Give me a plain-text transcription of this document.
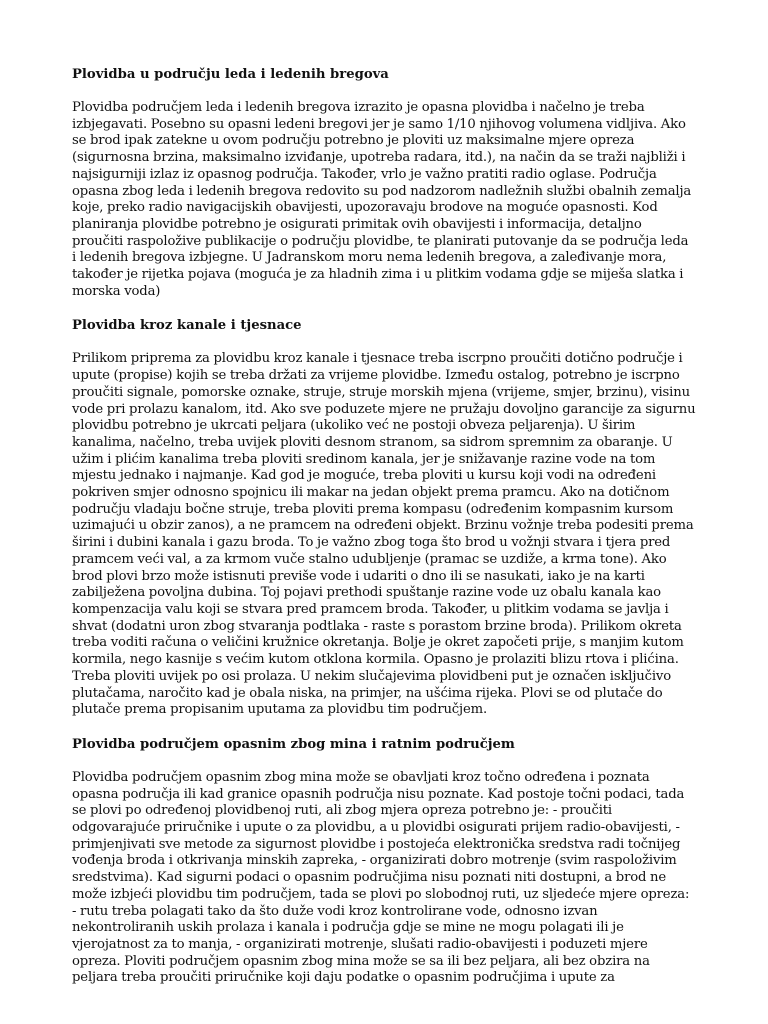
Plovidba u području leda i ledenih bregova
Plovidba područjem leda i ledenih bregova izrazito je opasna plovidba i načelno je treba izbjegavati. Posebno su opasni ledeni bregovi jer je samo 1/10 njihovog volumena vidljiva. Ako se brod ipak zatekne u ovom području potrebno je ploviti uz maksimalne mjere opreza (sigurnosna brzina, maksimalno izviđanje, upotreba radara, itd.), na način da se traži najbliži i najsigurniji izlaz iz opasnog područja. Također, vrlo je važno pratiti radio oglase. Područja opasna zbog leda i ledenih bregova redovito su pod nadzorom nadležnih službi obalnih zemalja koje, preko radio navigacijskih obavijesti, upozoravaju brodove na moguće opasnosti. Kod planiranja plovidbe potrebno je osigurati primitak ovih obavijesti i informacija, detaljno proučiti raspoložive publikacije o području plovidbe, te planirati putovanje da se područja leda i ledenih bregova izbjegne. U Jadranskom moru nema ledenih bregova, a zaleđivanje mora, također je rijetka pojava (moguća je za hladnih zima i u plitkim vodama gdje se miješa slatka i morska voda)
Plovidba kroz kanale i tjesnace
Prilikom priprema za plovidbu kroz kanale i tjesnace treba iscrpno proučiti dotično područje i upute (propise) kojih se treba držati za vrijeme plovidbe. Između ostalog, potrebno je iscrpno proučiti signale, pomorske oznake, struje, struje morskih mjena (vrijeme, smjer, brzinu), visinu vode pri prolazu kanalom, itd. Ako sve poduzete mjere ne pružaju dovoljno garancije za sigurnu plovidbu potrebno je ukrcati peljara (ukoliko već ne postoji obveza peljarenja). U širim kanalima, načelno, treba uvijek ploviti desnom stranom, sa sidrom spremnim za obaranje. U užim i plićim kanalima treba ploviti sredinom kanala, jer je snižavanje razine vode na tom mjestu jednako i najmanje. Kad god je moguće, treba ploviti u kursu koji vodi na određeni pokriven smjer odnosno spojnicu ili makar na jedan objekt prema pramcu. Ako na dotičnom području vladaju bočne struje, treba ploviti prema kompasu (određenim kompasnim kursom uzimajući u obzir zanos), a ne pramcem na određeni objekt. Brzinu vožnje treba podesiti prema širini i dubini kanala i gazu broda. To je važno zbog toga što brod u vožnji stvara i tjera pred pramcem veći val, a za krmom vuče stalno udubljenje (pramac se uzdiže, a krma tone). Ako brod plovi brzo može istisnuti previše vode i udariti o dno ili se nasukati, iako je na karti zabilježena povoljna dubina. Toj pojavi prethodi spuštanje razine vode uz obalu kanala kao kompenzacija valu koji se stvara pred pramcem broda. Također, u plitkim vodama se javlja i shvat (dodatni uron zbog stvaranja podtlaka - raste s porastom brzine broda). Prilikom okreta treba voditi računa o veličini kružnice okretanja. Bolje je okret započeti prije, s manjim kutom kormila, nego kasnije s većim kutom otklona kormila. Opasno je prolaziti blizu rtova i plićina. Treba ploviti uvijek po osi prolaza. U nekim slučajevima plovidbeni put je označen isključivo plutačama, naročito kad je obala niska, na primjer, na ušćima rijeka. Plovi se od plutače do plutače prema propisanim uputama za plovidbu tim područjem.
Plovidba područjem opasnim zbog mina i ratnim područjem
Plovidba područjem opasnim zbog mina može se obavljati kroz točno određena i poznata opasna područja ili kad granice opasnih područja nisu poznate. Kad postoje točni podaci, tada se plovi po određenoj plovidbenoj ruti, ali zbog mjera opreza potrebno je: - proučiti odgovarajuće priručnike i upute o za plovidbu, a u plovidbi osigurati prijem radio-obavijesti, - primjenjivati sve metode za sigurnost plovidbe i postojeća elektronička sredstva radi točnijeg vođenja broda i otkrivanja minskih zapreka, - organizirati dobro motrenje (svim raspoloživim sredstvima). Kad sigurni podaci o opasnim područjima nisu poznati niti dostupni, a brod ne može izbjeći plovidbu tim područjem, tada se plovi po slobodnoj ruti, uz sljedeće mjere opreza: - rutu treba polagati tako da što duže vodi kroz kontrolirane vode, odnosno izvan nekontroliranih uskih prolaza i kanala i područja gdje se mine ne mogu polagati ili je vjerojatnost za to manja, - organizirati motrenje, slušati radio-obavijesti i poduzeti mjere opreza. Ploviti područjem opasnim zbog mina može se sa ili bez peljara, ali bez obzira na peljara treba proučiti priručnike koji daju podatke o opasnim područjima i upute za
